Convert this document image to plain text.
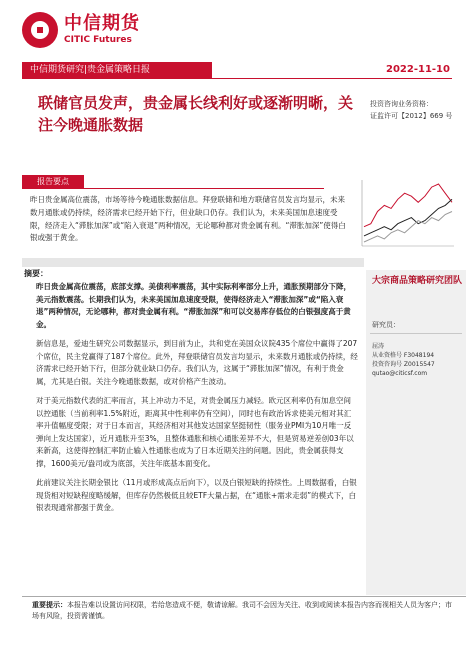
中信期货
CITIC Futures
中信期货研究|贵金属策略日报	2022-11-10
联储官员发声，贵金属长线利好或逐渐明晰，关注今晚通胀数据
投资咨询业务资格：
证监许可【2012】669 号
报告要点
昨日贵金属高位震荡，市场等待今晚通胀数据信息。拜登联储和地方联储官员发言均显示，未来数月通胀或仍持续，经济需求已经开始下行，但业缺口仍存。我们认为，未来美国加息速度受限，经济走入“滞胀加深”或“陷入衰退”两种情况，无论哪种都对贵金属有利。“滞胀加深”使得白银或强于黄金。
摘要：

昨日贵金属高位震荡，底部支撑。美债利率震荡，其中实际利率部分上升，通胀预期部分下降，美元指数震荡。长期我们认为，未来美国加息速度受限，使得经济走入“滞胀加深”或“陷入衰退”两种情况，无论哪种，都对贵金属有利。“滞胀加深”和可以交易库存低位的白银强度高于黄金。

新信息是，爱迪生研究公司数据显示，到目前为止，共和党在美国众议院435个席位中赢得了207个席位，民主党赢得了187个席位。此外，拜登联储官员发言均显示，未来数月通胀或仍持续，经济需求已经开始下行，但部分就业缺口仍存。我们认为，这属于“滞胀加深”情况，有利于贵金属，尤其是白银。关注今晚通胀数据，或对价格产生波动。

对于美元指数代表的汇率而言，其上冲动力不足，对贵金属压力减轻。欧元区利率仍有加息空间以控通胀（当前利率1.5%附近，距离其中性利率仍有空间），同时也有政治诉求使美元相对其汇率升值幅度受限；对于日本而言，其经济相对其他发达国家坚挺韧性（服务业PMI为10月唯一反弹向上发达国家），近月通胀升至3%，且整体通胀和核心通胀差异不大，但是贸易逆差创03年以来新高，这使得控制汇率防止输入性通胀也成为了日本近期关注的问题。因此，贵金属获得支撑，1600美元/盎司或为底部，关注年底基本面变化。

此前建议关注长期金银比（11月或形成高点后向下），以及白银短缺的持续性。上周数据看，白银现货相对短缺程度略缓解，但库存仍然极低且较ETF大量占据，在“通胀+需求走弱”的模式下，白银表现通常都强于黄金。

大宗商品策略研究团队
研究员：
屈涛
从业资格号 F3048194
投资咨询号 Z0015547
qutao@citicsf.com
重要提示：本报告难以设置访问权限，若给您造成不便，敬请谅解。我司不会因为关注、收到或阅读本报告内容而视相关人员为客户；市场有风险，投资需谨慎。
